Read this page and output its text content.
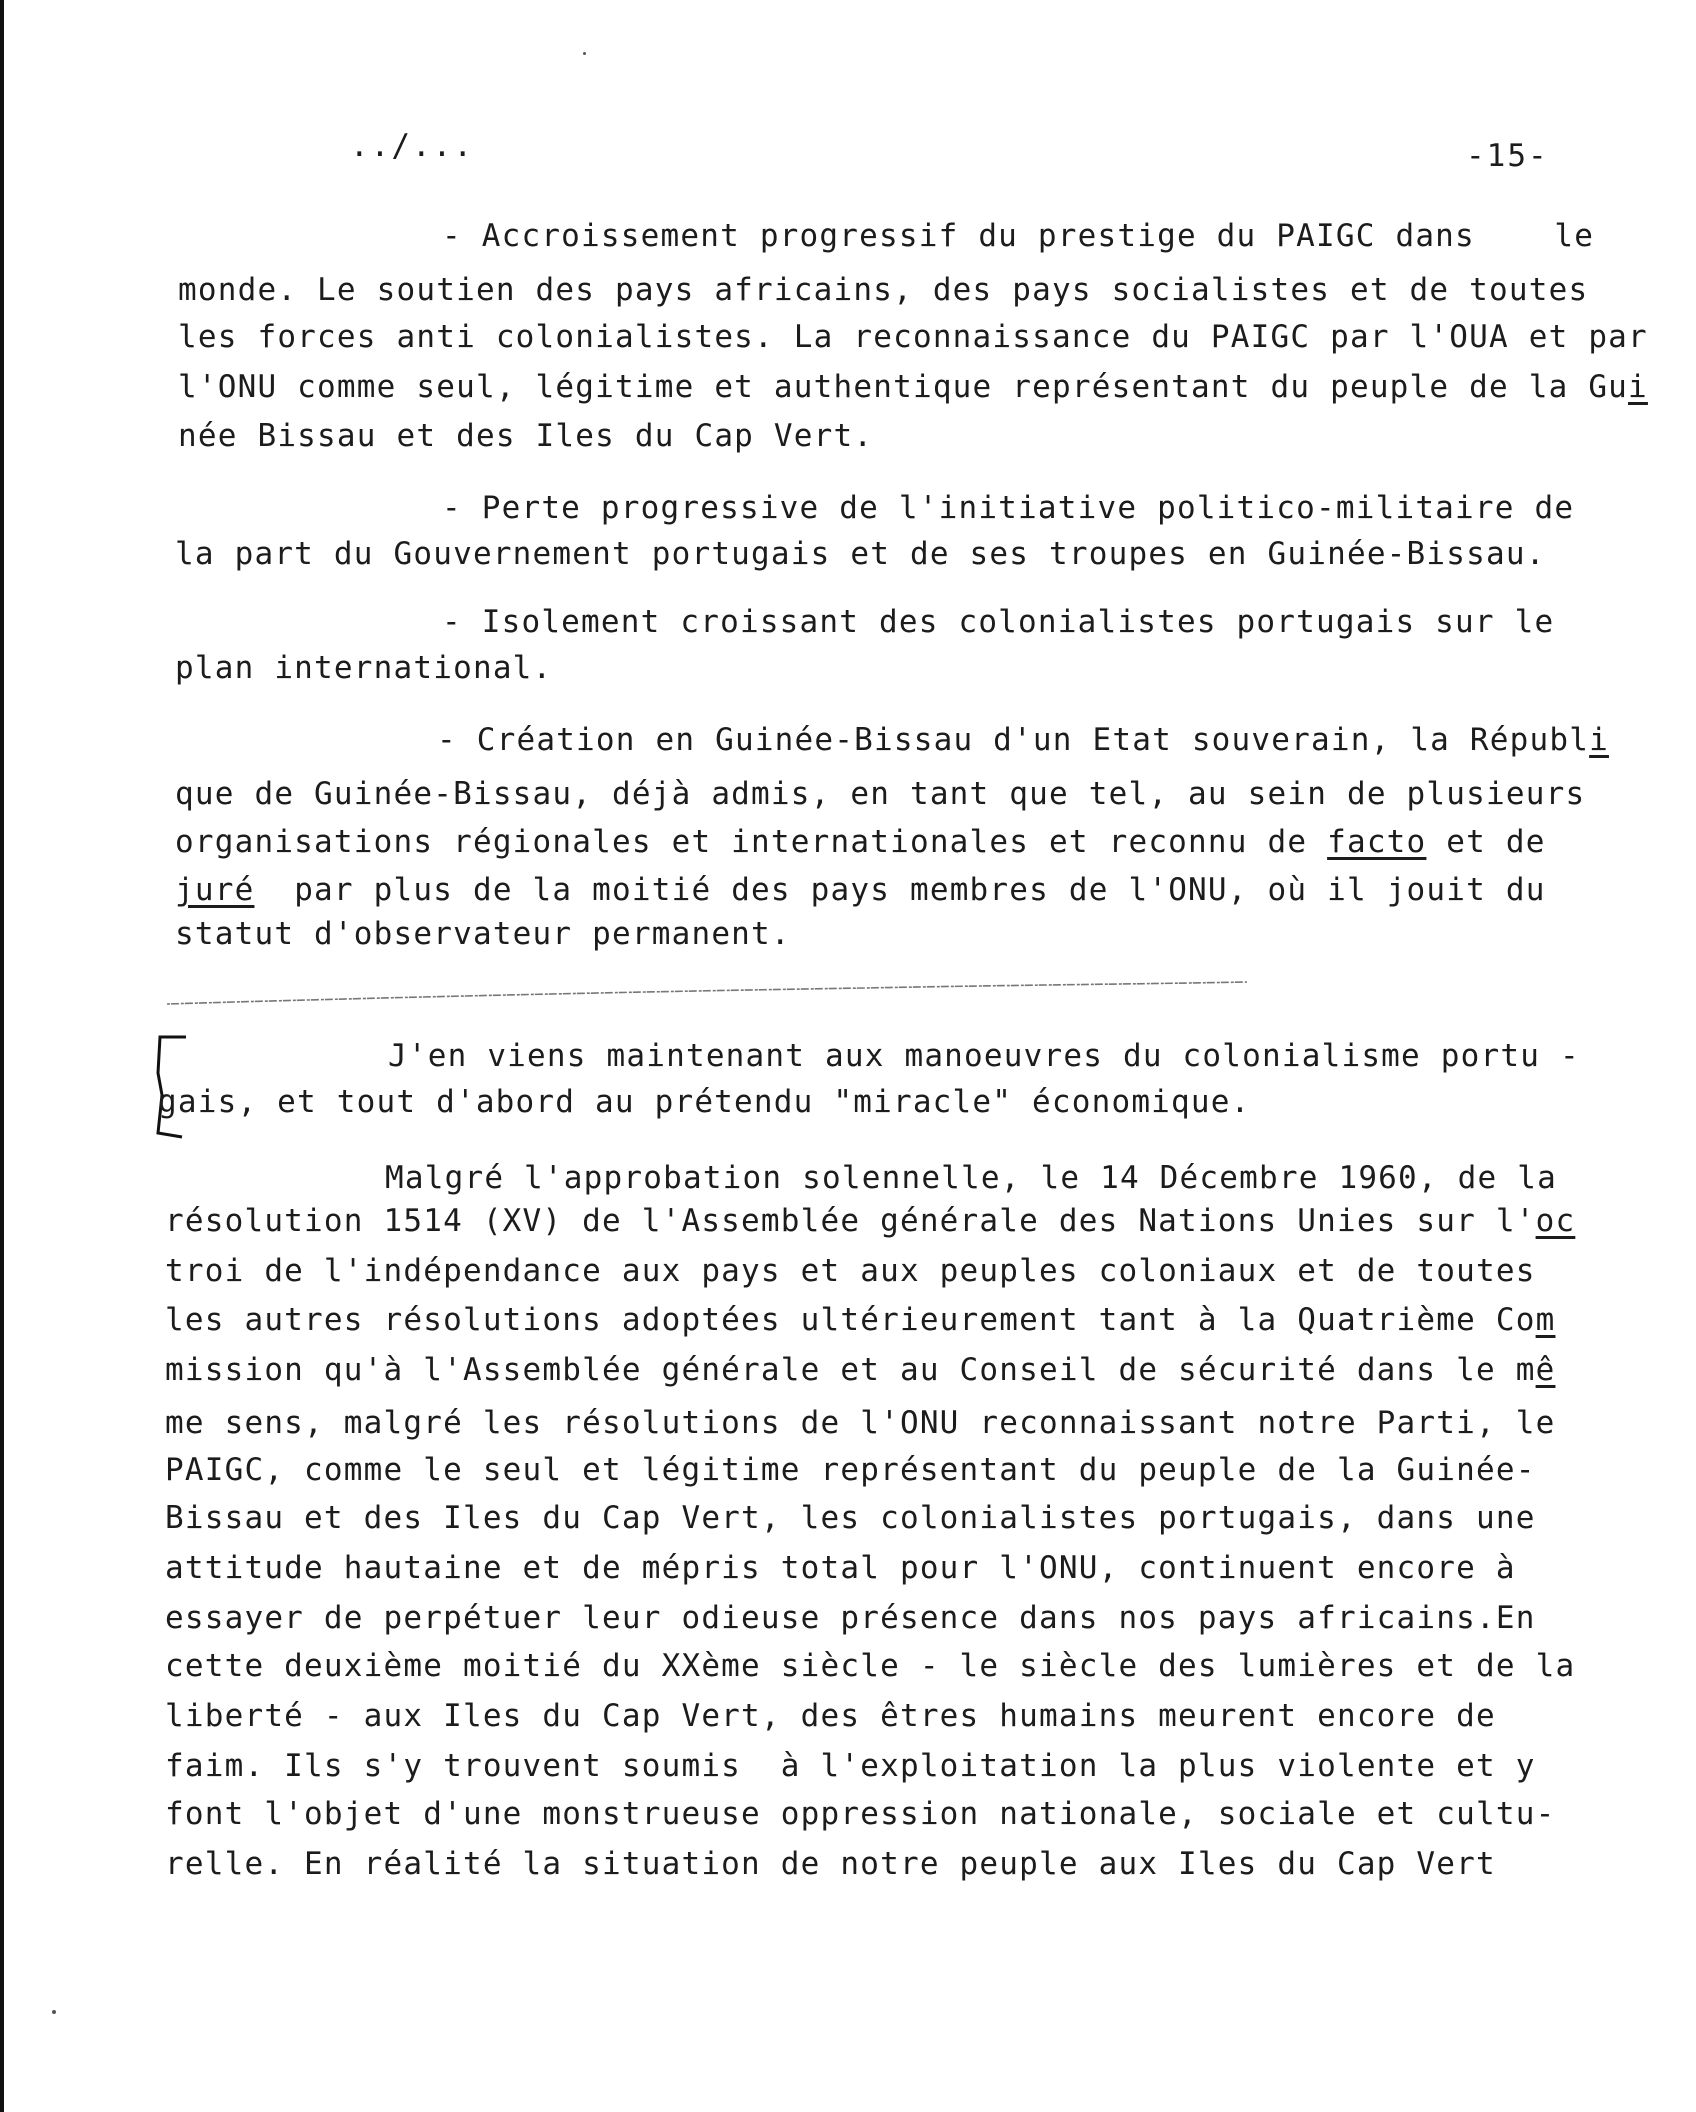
../...	-15-
- Accroissement progressif du prestige du PAIGC dans    le
monde. Le soutien des pays africains, des pays socialistes et de toutes
les forces anti colonialistes. La reconnaissance du PAIGC par l'OUA et par
l'ONU comme seul, légitime et authentique représentant du peuple de la Gui
née Bissau et des Iles du Cap Vert.
- Perte progressive de l'initiative politico-militaire de
la part du Gouvernement portugais et de ses troupes en Guinée-Bissau.
- Isolement croissant des colonialistes portugais sur le
plan international.
- Création en Guinée-Bissau d'un Etat souverain, la Républi
que de Guinée-Bissau, déjà admis, en tant que tel, au sein de plusieurs
organisations régionales et internationales et reconnu de facto et de
juré  par plus de la moitié des pays membres de l'ONU, où il jouit du
statut d'observateur permanent.
J'en viens maintenant aux manoeuvres du colonialisme portu -
gais, et tout d'abord au prétendu "miracle" économique.
Malgré l'approbation solennelle, le 14 Décembre 1960, de la
résolution 1514 (XV) de l'Assemblée générale des Nations Unies sur l'oc
troi de l'indépendance aux pays et aux peuples coloniaux et de toutes
les autres résolutions adoptées ultérieurement tant à la Quatrième Com
mission qu'à l'Assemblée générale et au Conseil de sécurité dans le mê
me sens, malgré les résolutions de l'ONU reconnaissant notre Parti, le
PAIGC, comme le seul et légitime représentant du peuple de la Guinée-
Bissau et des Iles du Cap Vert, les colonialistes portugais, dans une
attitude hautaine et de mépris total pour l'ONU, continuent encore à
essayer de perpétuer leur odieuse présence dans nos pays africains.En
cette deuxième moitié du XXème siècle - le siècle des lumières et de la
liberté - aux Iles du Cap Vert, des êtres humains meurent encore de
faim. Ils s'y trouvent soumis  à l'exploitation la plus violente et y
font l'objet d'une monstrueuse oppression nationale, sociale et cultu-
relle. En réalité la situation de notre peuple aux Iles du Cap Vert
